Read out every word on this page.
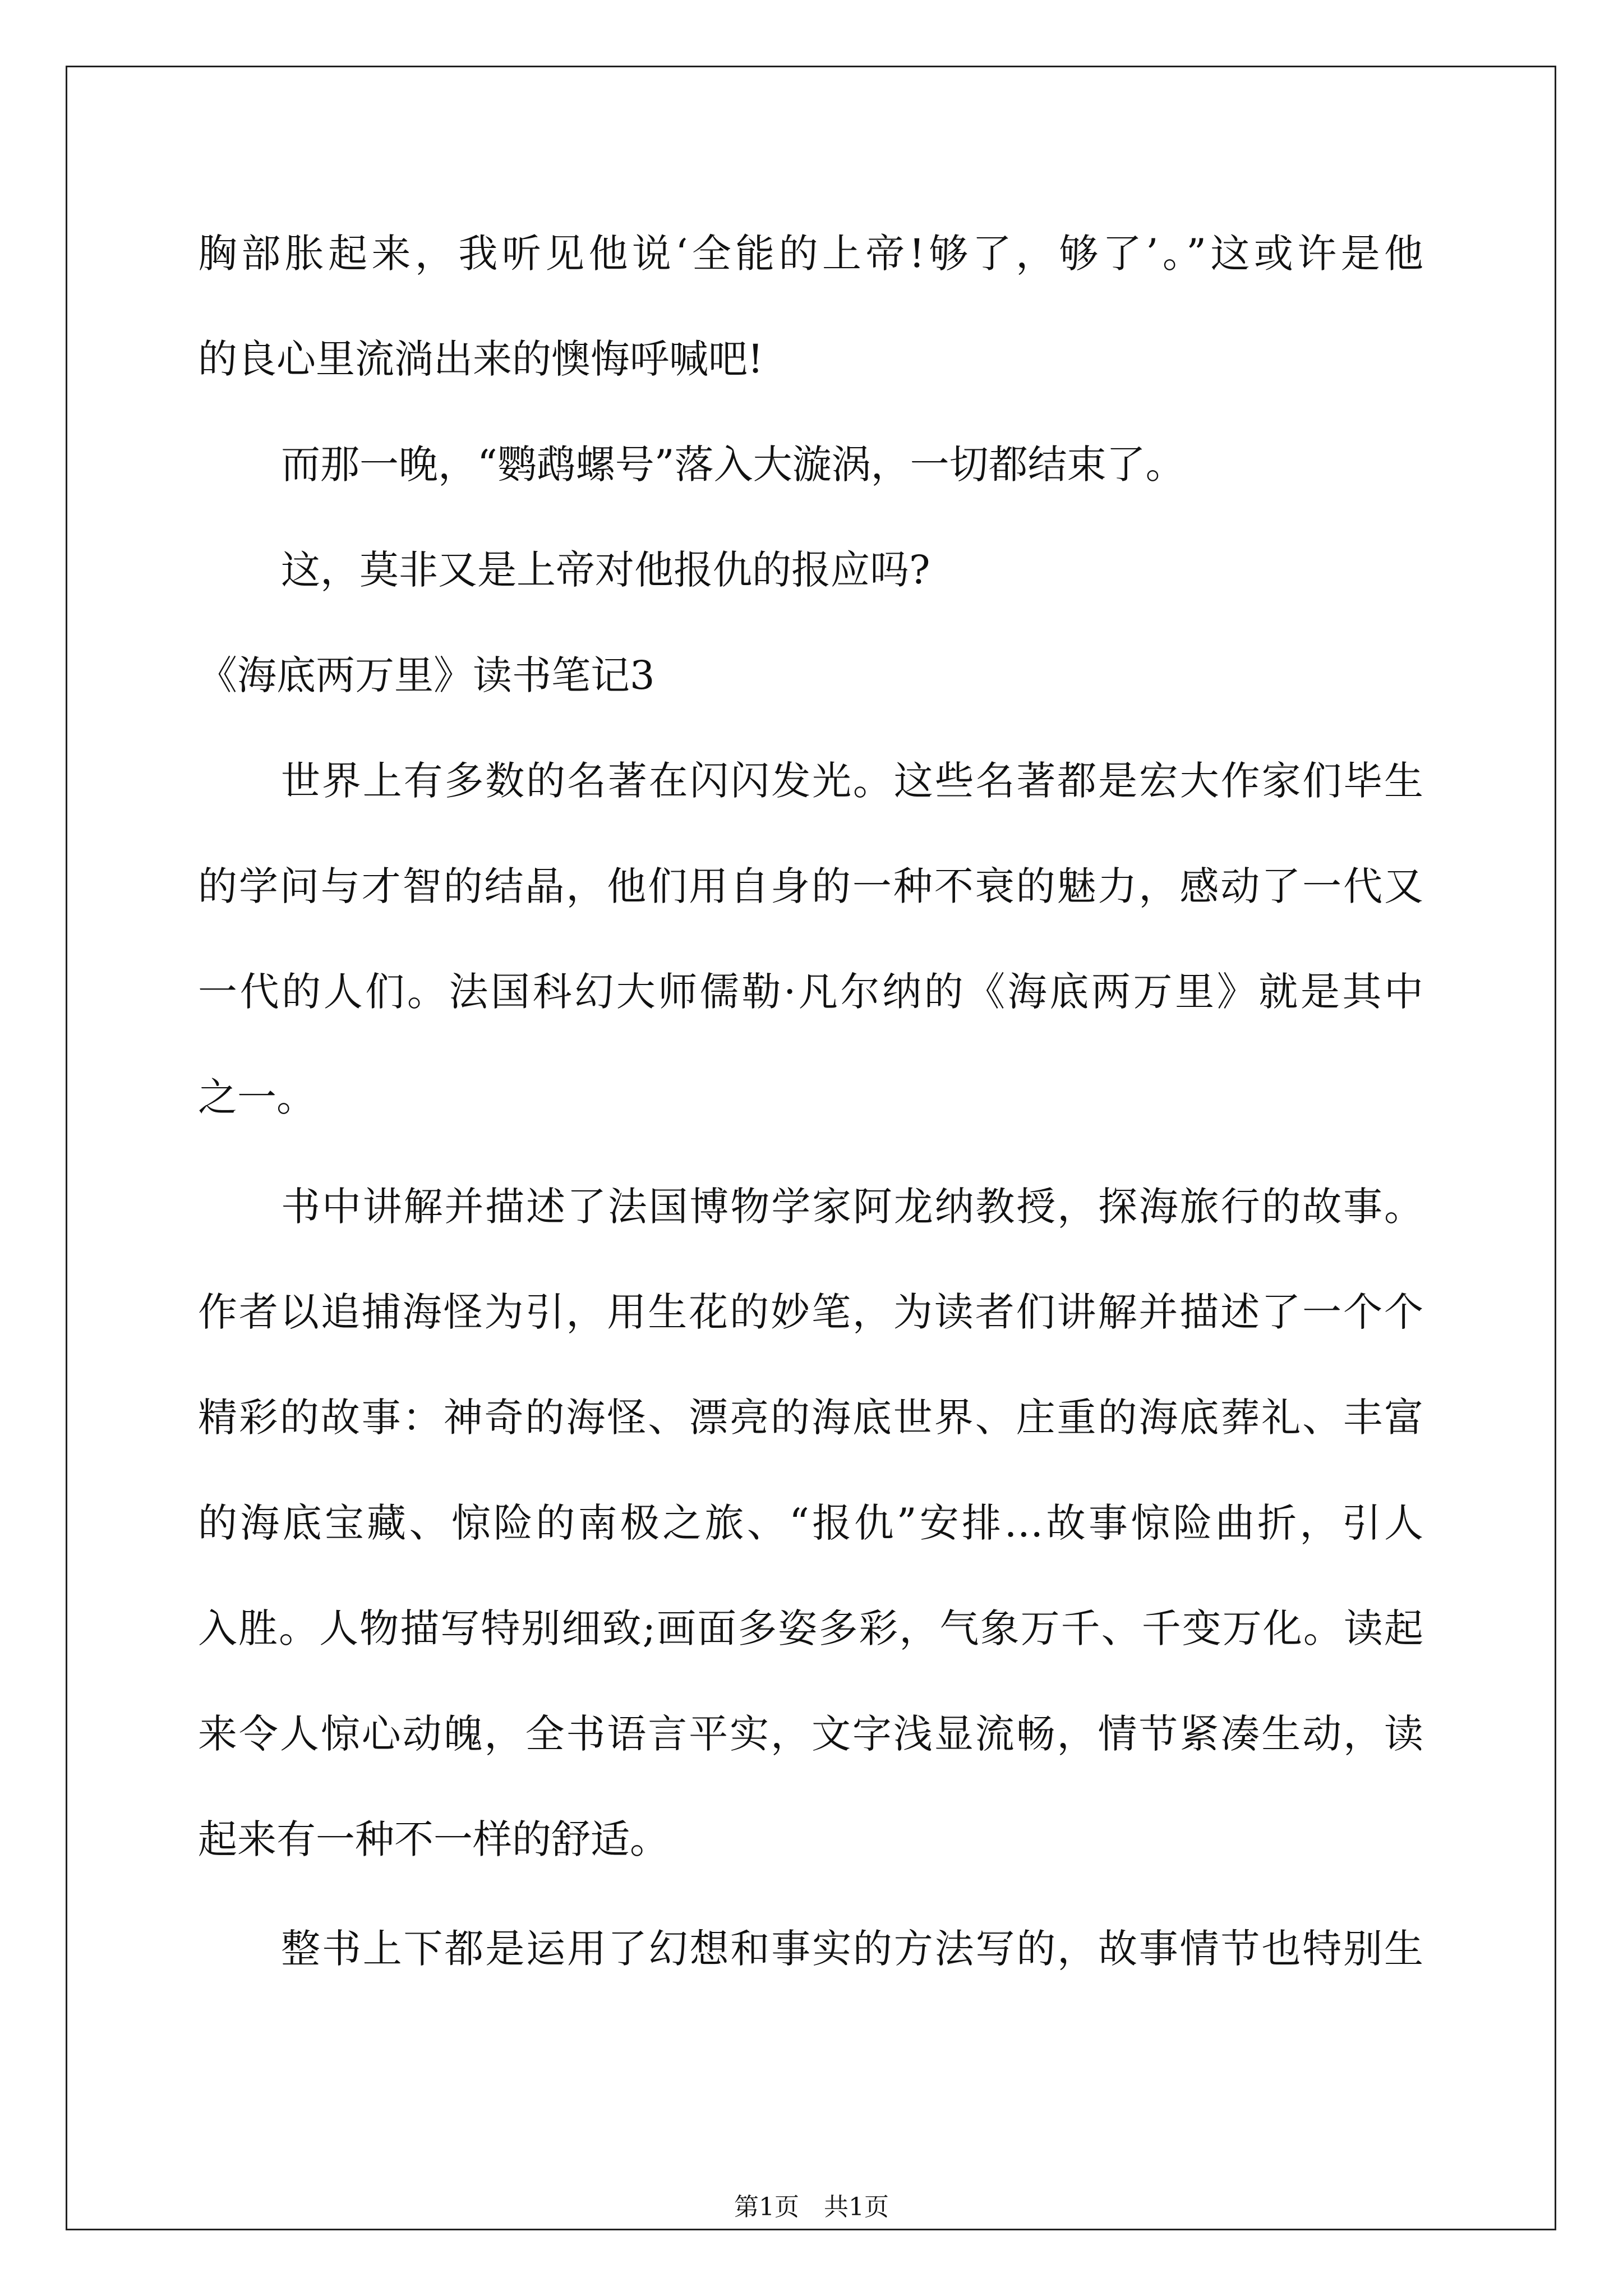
胸部胀起来，我听见他说‘全能的上帝!够了，够了’。”这或许是他
的良心里流淌出来的懊悔呼喊吧!
而那一晚，“鹦鹉螺号”落入大漩涡，一切都结束了。
这，莫非又是上帝对他报仇的报应吗?
《海底两万里》读书笔记3
世界上有多数的名著在闪闪发光。这些名著都是宏大作家们毕生
的学问与才智的结晶，他们用自身的一种不衰的魅力，感动了一代又
一代的人们。法国科幻大师儒勒·凡尔纳的《海底两万里》就是其中
之一。
书中讲解并描述了法国博物学家阿龙纳教授，探海旅行的故事。
作者以追捕海怪为引，用生花的妙笔，为读者们讲解并描述了一个个
精彩的故事：神奇的海怪、漂亮的海底世界、庄重的海底葬礼、丰富
的海底宝藏、惊险的南极之旅、“报仇”安排…故事惊险曲折，引人
入胜。人物描写特别细致;画面多姿多彩，气象万千、千变万化。读起
来令人惊心动魄，全书语言平实，文字浅显流畅，情节紧凑生动，读
起来有一种不一样的舒适。
整书上下都是运用了幻想和事实的方法写的，故事情节也特别生
第1页　共1页
